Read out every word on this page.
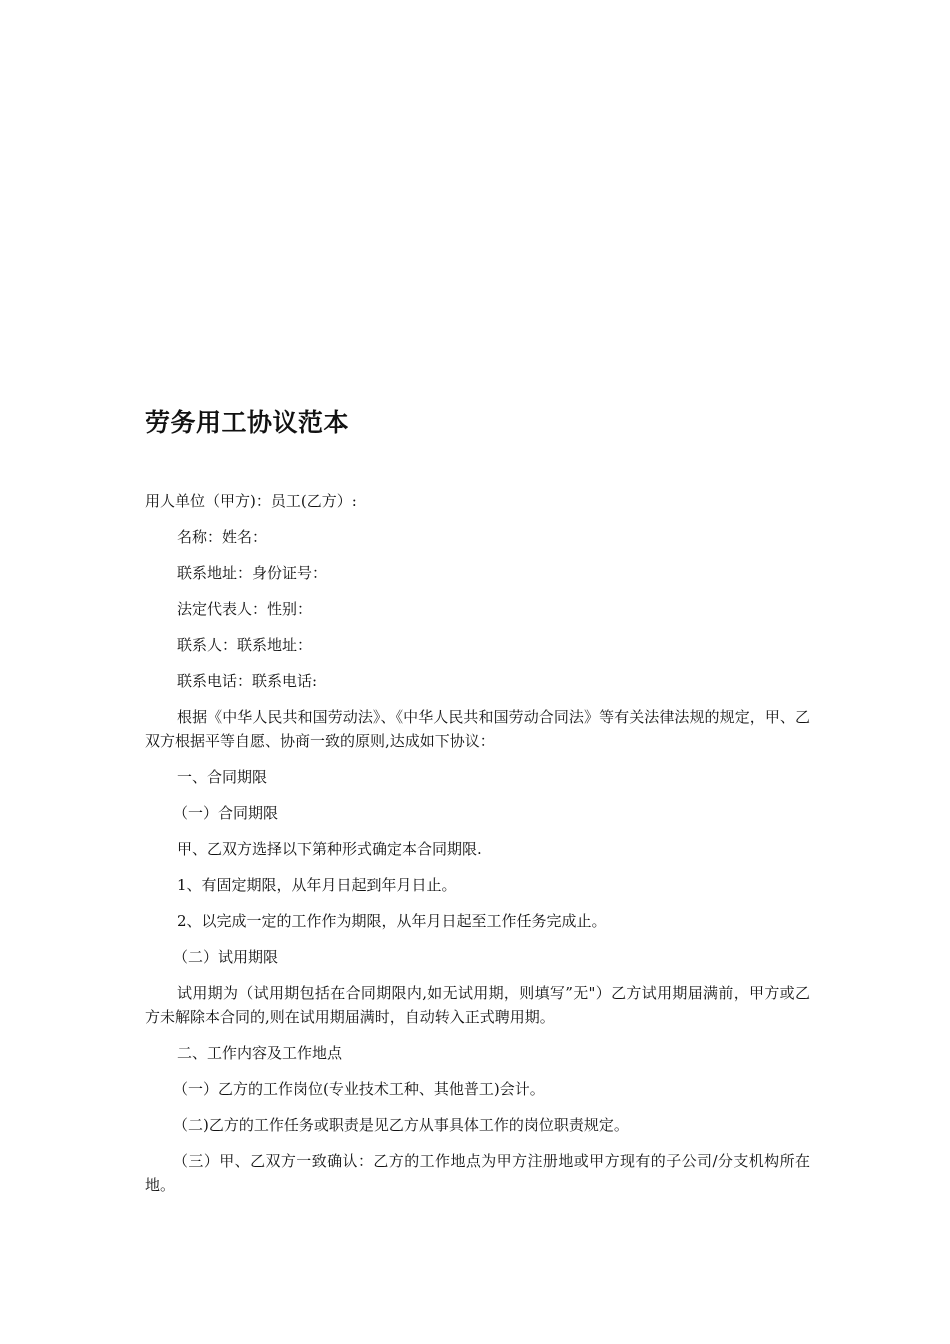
劳务用工协议范本

用人单位（甲方)：员工(乙方）:

名称：姓名：

联系地址：身份证号：

法定代表人：性别：

联系人：联系地址：

联系电话：联系电话:

根据《中华人民共和国劳动法》、《中华人民共和国劳动合同法》等有关法律法规的规定，甲、乙双方根据平等自愿、协商一致的原则,达成如下协议：

一、合同期限

（一）合同期限

甲、乙双方选择以下第种形式确定本合同期限.

1、有固定期限，从年月日起到年月日止。

2、以完成一定的工作作为期限，从年月日起至工作任务完成止。

（二）试用期限

试用期为（试用期包括在合同期限内,如无试用期，则填写”无"）乙方试用期届满前，甲方或乙方未解除本合同的,则在试用期届满时，自动转入正式聘用期。

二、工作内容及工作地点

（一）乙方的工作岗位(专业技术工种、其他普工)会计。

（二)乙方的工作任务或职责是见乙方从事具体工作的岗位职责规定。

（三）甲、乙双方一致确认：乙方的工作地点为甲方注册地或甲方现有的子公司/分支机构所在地。
